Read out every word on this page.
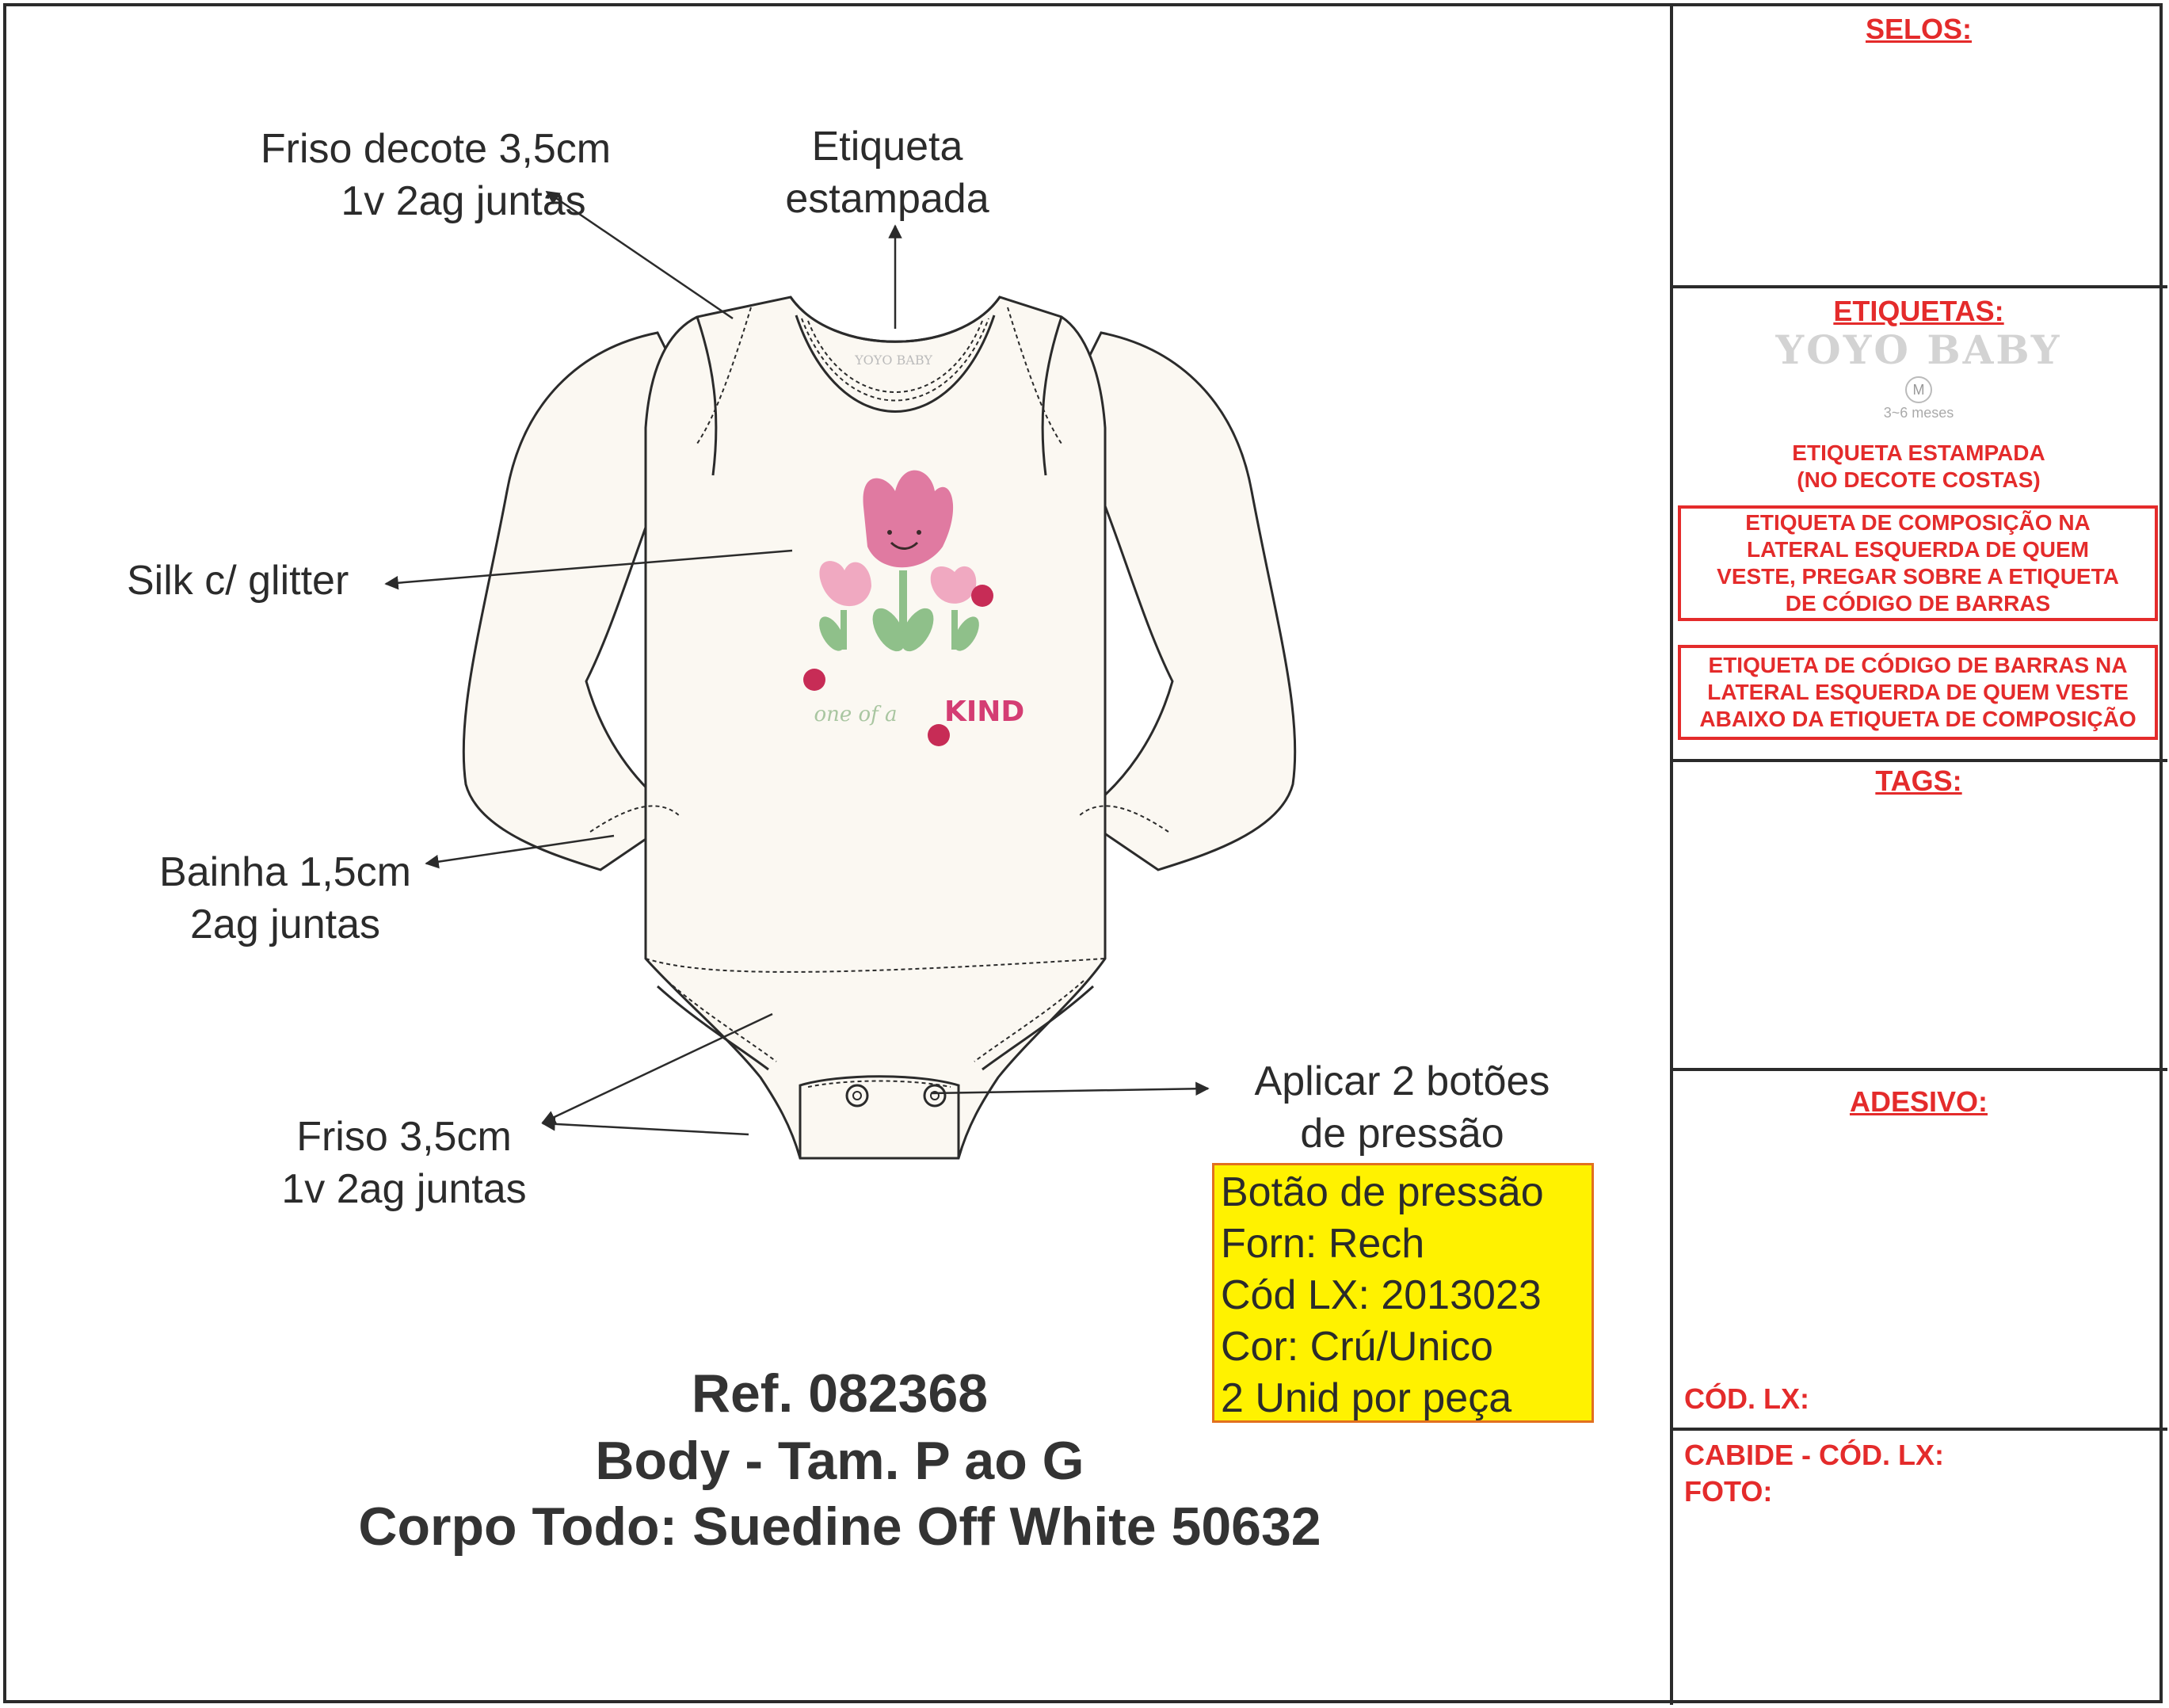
YOYO BABY
one of a KIND
Friso decote 3,5cm
1v 2ag juntas
Etiqueta
estampada
Silk c/ glitter
Bainha 1,5cm
2ag juntas
Friso 3,5cm
1v 2ag juntas
Aplicar 2 botões
de pressão
Botão de pressão
Forn: Rech
Cód LX: 2013023
Cor: Crú/Unico
2 Unid por peça
Ref. 082368
Body - Tam. P ao G
Corpo Todo: Suedine Off White 50632
SELOS:
ETIQUETAS:
YOYO BABY
M
3~6 meses
ETIQUETA ESTAMPADA
(NO DECOTE COSTAS)
ETIQUETA DE COMPOSIÇÃO NA
LATERAL ESQUERDA DE QUEM
VESTE, PREGAR SOBRE A ETIQUETA
DE CÓDIGO DE BARRAS
ETIQUETA DE CÓDIGO DE BARRAS NA
LATERAL ESQUERDA DE QUEM VESTE
ABAIXO DA ETIQUETA DE COMPOSIÇÃO
TAGS:
ADESIVO:
CÓD. LX:
CABIDE - CÓD. LX:
FOTO:
